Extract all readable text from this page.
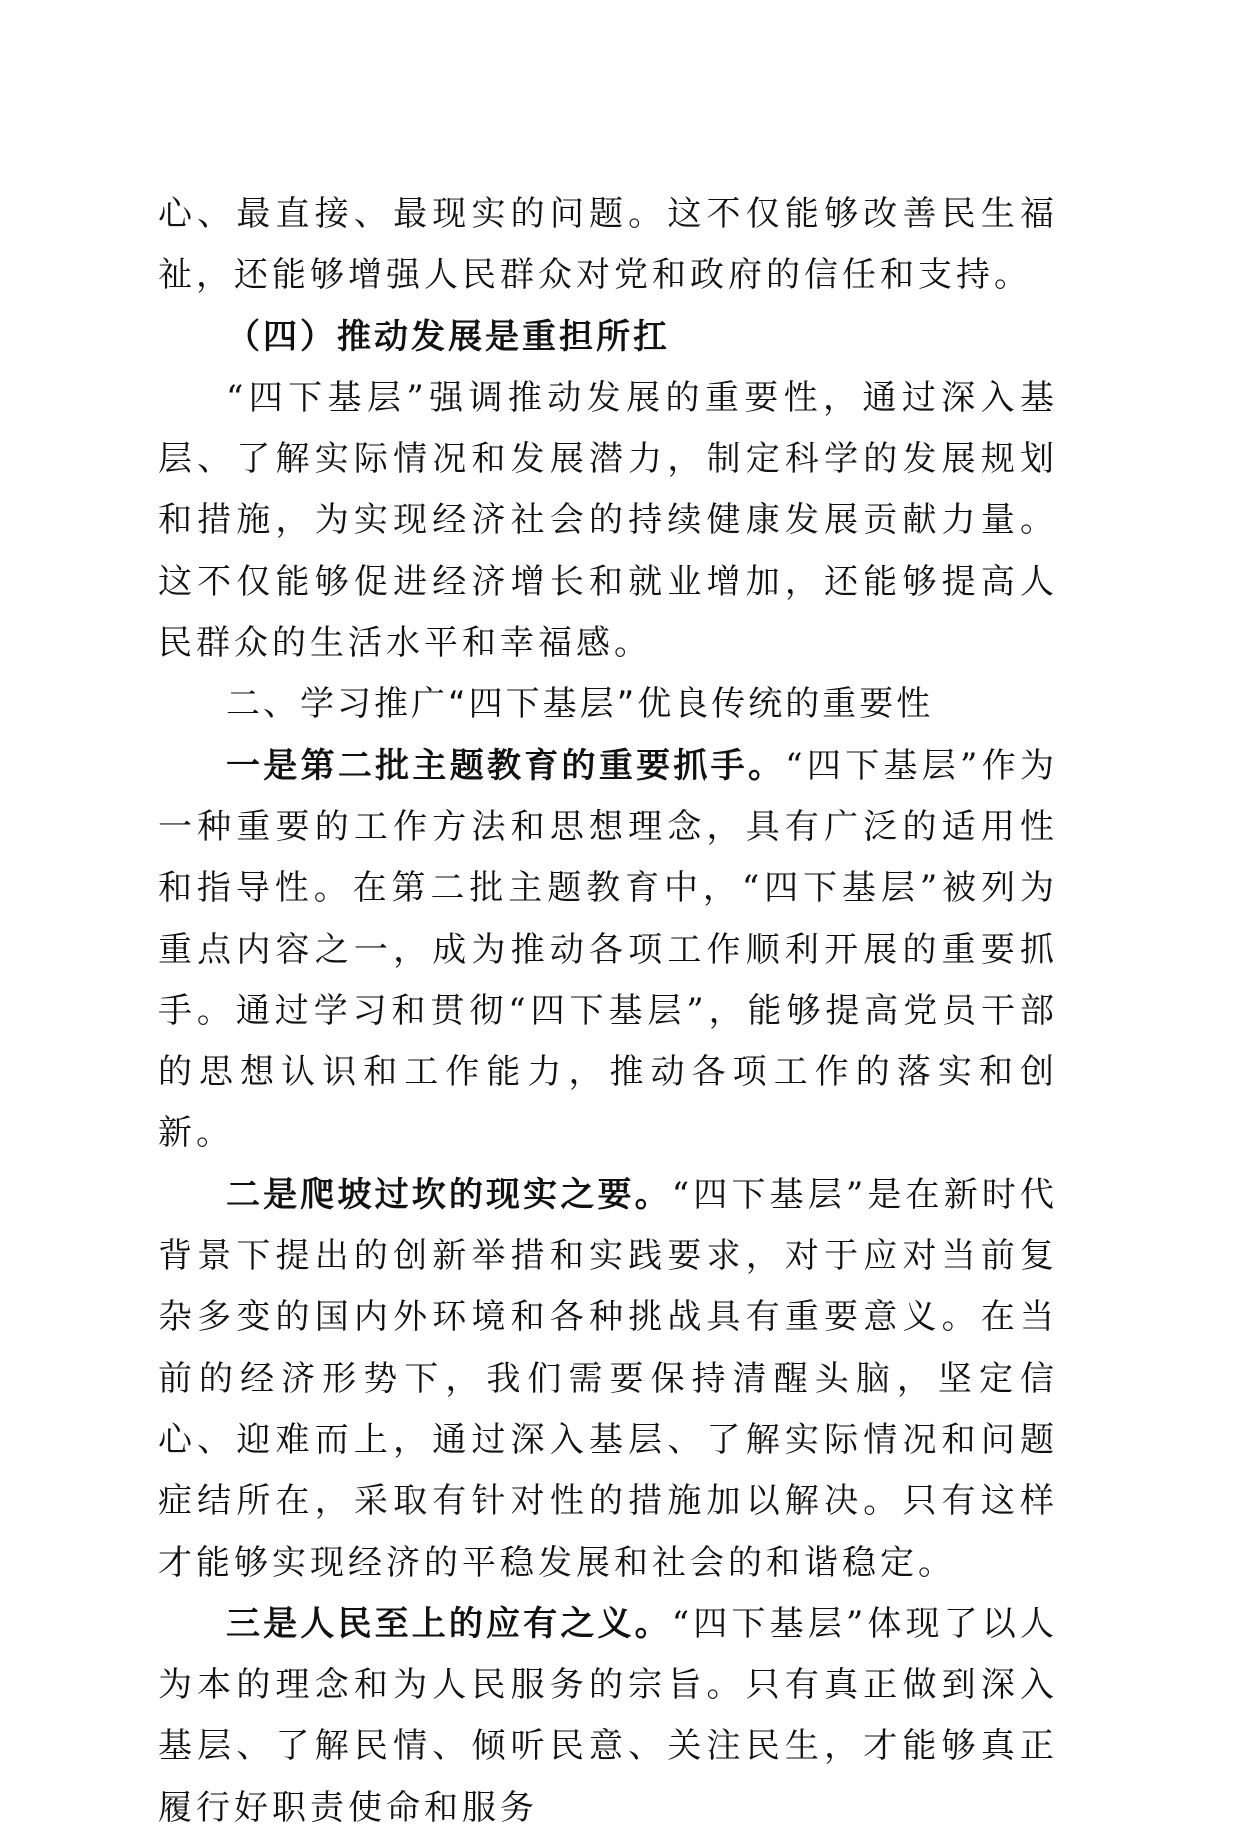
心、最直接、最现实的问题。这不仅能够改善民生福祉，还能够增强人民群众对党和政府的信任和支持。

（四）推动发展是重担所扛

“四下基层”强调推动发展的重要性，通过深入基层、了解实际情况和发展潜力，制定科学的发展规划和措施，为实现经济社会的持续健康发展贡献力量。这不仅能够促进经济增长和就业增加，还能够提高人民群众的生活水平和幸福感。

二、学习推广“四下基层”优良传统的重要性

一是第二批主题教育的重要抓手。“四下基层”作为一种重要的工作方法和思想理念，具有广泛的适用性和指导性。在第二批主题教育中，“四下基层”被列为重点内容之一，成为推动各项工作顺利开展的重要抓手。通过学习和贯彻“四下基层”，能够提高党员干部的思想认识和工作能力，推动各项工作的落实和创新。

二是爬坡过坎的现实之要。“四下基层”是在新时代背景下提出的创新举措和实践要求，对于应对当前复杂多变的国内外环境和各种挑战具有重要意义。在当前的经济形势下，我们需要保持清醒头脑，坚定信心、迎难而上，通过深入基层、了解实际情况和问题症结所在，采取有针对性的措施加以解决。只有这样才能够实现经济的平稳发展和社会的和谐稳定。

三是人民至上的应有之义。“四下基层”体现了以人为本的理念和为人民服务的宗旨。只有真正做到深入基层、了解民情、倾听民意、关注民生，才能够真正履行好职责使命和服务
